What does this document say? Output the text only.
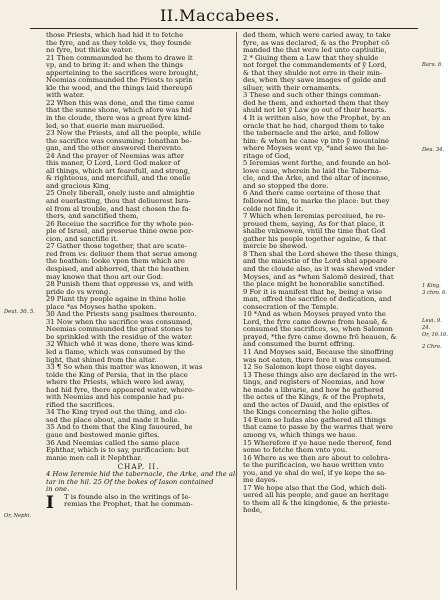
II.Maccabees.
those Priests, which had hid it to fetche
the fyre, and as they tolde vs, they founde
no fyre, but thicke water.
21 Then commaunded he them to drawe it
vp, and to bring it: and when the things
apperteining to the sacrifices were brought,
Neemias commaunded the Priests to sprin
kle the wood, and the things laid thereupō
with water.
22 When this was done, and the time came
that the sunne shone, which afore was hid
in the cloude, there was a great fyre kind-
led, so that euerie man marueiled.
23 Now the Priests, and all the people, while
the sacrifice was consuming: Ionathan be-
gan, and the other answered therevnto.
24 And the prayer of Neemias was after
this maner, O Lord, Lord God maker of
all things, which art fearefull, and strong,
& righteous, and mercifull, and the onelie
and gracious King,
25 Onely liberall, onely iuste and almightie
and euerlasting, thou that deliuerest Isra-
el from al trouble, and hast chosen the fa-
thers, and sanctified them,
26 Receiue the sacrifice for thy whole peo-
ple of Israel, and preserue thine owne por-
cion, and sanctifie it.
27 Gather those together, that are scate-
red from vs: deliuer them that serue among
the heathen: looke vpon them which are
despised, and abhorred, that the heathen
may knowe that thou art our God.
28 Punish them that oppresse vs, and with
pride do vs wrong.
29 Plant thy people againe in thine holie
place *as Moyses hathe spoken.
30 And the Priests sang psalmes thereunto.
31 Now when the sacrifice was consumed,
Neemias commaunded the great stones to
be sprinkled with the residue of the water.
32 Which whē it was done, there was kind-
led a flame, which was consumed by the
light, that shined from the altar.
33 ¶ So when this matter was knowen, it was
tolde the King of Persia, that in the place
where the Priests, which were led away,
had hid fyre, there appeared water, where-
with Neemias and his companie had pu-
rified the sacrifices.
34 The King tryed out the thing, and clo-
sed the place about, and made it holie.
35 And to them that the King fauoured, he
gaue and bestowed manie giftes.
36 And Neemias called the same place
Ephthar, which is to say, purificacion: but
manie men call it Nephthar.
CHAP. II.
4 How Ieremie hid the tabernacle, the Arke, and the al-
tar in the hil. 25 Of the bokes of Iason contained
in one.
I T is founde also in the writings of Ie-
remias the Prophet, that he comman-
ded them, which were caried away, to take
fyre, as was declared, & as the Prophet cō
manded the that were led unto captiuitie,
2 * Giuing them a Law that they shulde
not forget the commandements of ỹ Lord,
& that they shulde not erre in their min-
des, when they sawe images of golde and
siluer, with their ornaments.
3 These and such other things comman-
ded he them, and exhorted them that they
shuld not let ỹ Law go out of their hearts.
4 It is written also, how the Prophet, by an
oracle that he had, charged them to take
the tabernacle and the arke, and follow
him: & when he came vp into ỹ mountaine
where Moyses went vp, *and sawe the he-
ritage of God,
5 Ieremias went forthe, and founde an hol-
lowe caue, wherein he laid the Taberna-
cle, and the Arke, and the altar of incense,
and so stopped the dore.
6 And there came certeine of those that
followed him, to marke the place: but they
colde not finde it.
7 Which when Ieremias perceiued, he re-
proued them, saying, As for that place, it
shalbe vnknowen, vntil the time that God
gather his people together againe, & that
mercie be shewed.
8 Then shal the Lord shewe the these things,
and the maiestie of the Lord shal appeare
and the cloude also, as it was shewed vnder
Moyses, and as *when Salomō desired, that
the place might be honorablie sanctified.
9 For it is manifest that he, being a wise
man, offred the sacrifice of dedication, and
consecration of the Temple.
10 *And as when Moyses prayed vnto the
Lord, the fyre came downe from heauē, &
consumed the sacrifices, so, when Salomon
prayed, *the fyre came downe frō heauen, &
and consumed the burnt offring.
11 And Moyses said, Because the sinoffring
was not eaten, there fore it was consumed.
12 So Salomon kept those eight dayes.
13 These things also are declared in the wri-
tings, and registers of Neemias, and how
he made a librarie, and how he gathered
the actes of the Kings, & of the Prophets,
and the actes of Dauid, and the epistles of
the Kings concerning the holie giftes.
14 Euen so Iudas also gathered all things
that came to passe by the warres that were
among vs, which things we haue.
15 Wherefore if ye haue nede thereof, fend
some to fetche them vnto you.
16 Where as we then are about to celebra-
te the purificacion, we haue written vnto
you, and ye shal do wel, if ye kepe the sa-
me dayes.
17 We hope also that the God, which deli-
uered all his people, and gaue an heritage
to them all & the kingdome, & the prieste-
hode,
Deut. 30. 5.
Or, Nephi.
Baru. 6.
Deu. 34.
1 King.
3 chro. 6.
Leui. 9.
24.
Or, 10.16.
2 Chro.
